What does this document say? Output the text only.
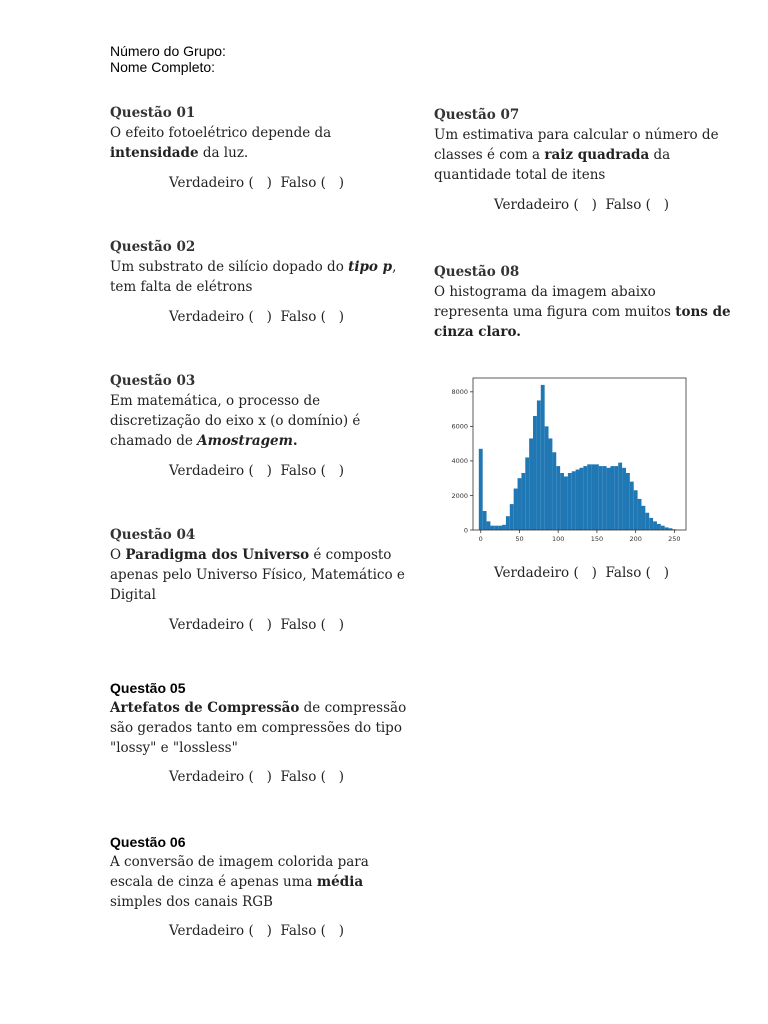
Número do Grupo:
Nome Completo:
Questão 01
O efeito fotoelétrico depende da
intensidade da luz.
Verdadeiro (   )  Falso (   )
Questão 02
Um substrato de silício dopado do tipo p,
tem falta de elétrons
Verdadeiro (   )  Falso (   )
Questão 03
Em matemática, o processo de
discretização do eixo x (o domínio) é
chamado de Amostragem.
Verdadeiro (   )  Falso (   )
Questão 04
O Paradigma dos Universo é composto
apenas pelo Universo Físico, Matemático e
Digital
Verdadeiro (   )  Falso (   )
Questão 05
Artefatos de Compressão de compressão
são gerados tanto em compressões do tipo
"lossy" e "lossless"
Verdadeiro (   )  Falso (   )
Questão 06
A conversão de imagem colorida para
escala de cinza é apenas uma média
simples dos canais RGB
Verdadeiro (   )  Falso (   )
Questão 07
Um estimativa para calcular o número de
classes é com a raiz quadrada da
quantidade total de itens
Verdadeiro (   )  Falso (   )
Questão 08
O histograma da imagem abaixo
representa uma figura com muitos tons de
cinza claro.
0	50	100	150	200	250
0
2000
4000
6000
8000
Verdadeiro (   )  Falso (   )
